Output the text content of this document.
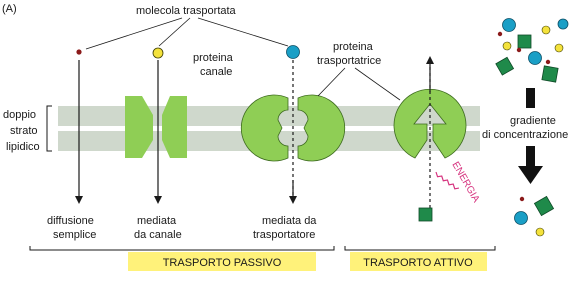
(A)
doppio
strato
lipidico
molecola trasportata
proteina
canale
proteina
trasportatrice
ENERGIA
gradiente
di concentrazione
diffusione
semplice
mediata
da canale
mediata da
trasportatore
TRASPORTO PASSIVO	TRASPORTO ATTIVO
